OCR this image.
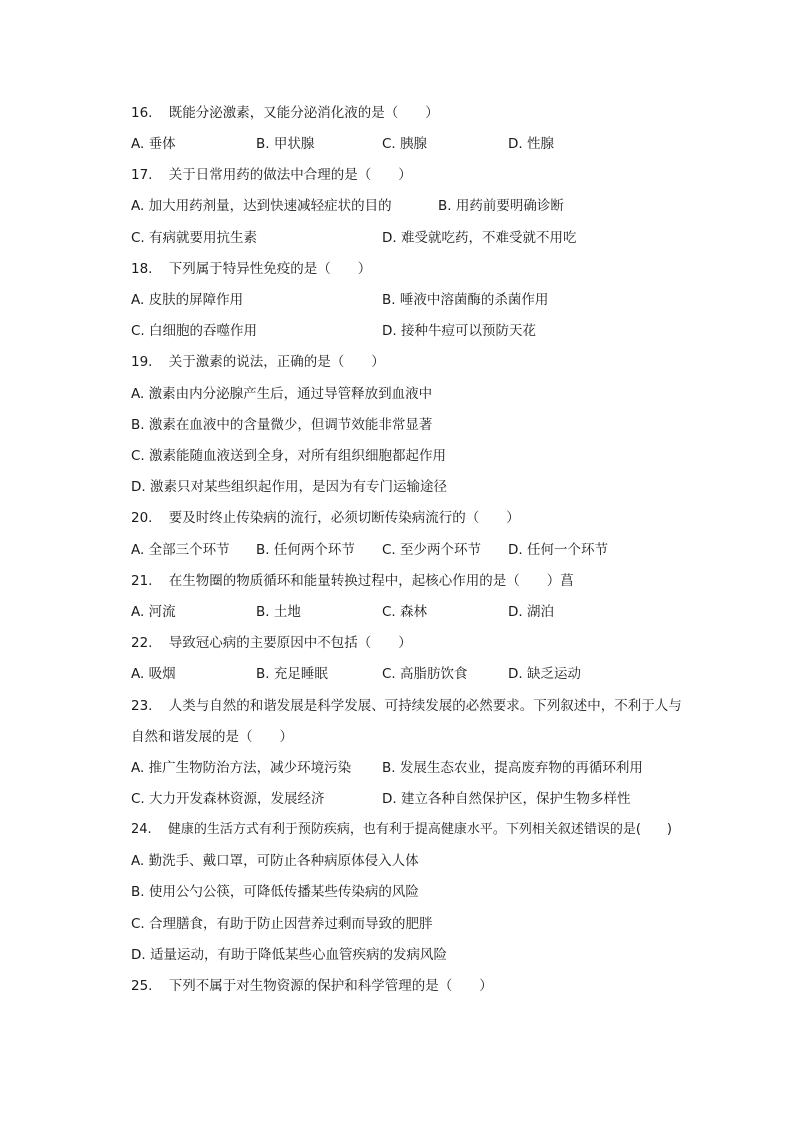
16. 既能分泌激素，又能分泌消化液的是（　　）
A. 垂体	B. 甲状腺	C. 胰腺	D. 性腺
17. 关于日常用药的做法中合理的是（　　）
A. 加大用药剂量，达到快速减轻症状的目的	B. 用药前要明确诊断
C. 有病就要用抗生素	D. 难受就吃药，不难受就不用吃
18. 下列属于特异性免疫的是（　　）
A. 皮肤的屏障作用	B. 唾液中溶菌酶的杀菌作用
C. 白细胞的吞噬作用	D. 接种牛痘可以预防天花
19. 关于激素的说法，正确的是（　　）
A. 激素由内分泌腺产生后，通过导管释放到血液中
B. 激素在血液中的含量微少，但调节效能非常显著
C. 激素能随血液送到全身，对所有组织细胞都起作用
D. 激素只对某些组织起作用，是因为有专门运输途径
20. 要及时终止传染病的流行，必须切断传染病流行的（　　）
A. 全部三个环节 B. 任何两个环节 C. 至少两个环节 D. 任何一个环节
21. 在生物圈的物质循环和能量转换过程中，起核心作用的是（　　）菖
A. 河流	B. 土地	C. 森林	D. 湖泊
22. 导致冠心病的主要原因中不包括（　　）
A. 吸烟	B. 充足睡眠	C. 高脂肪饮食	D. 缺乏运动
23. 人类与自然的和谐发展是科学发展、可持续发展的必然要求。下列叙述中，不利于人与
自然和谐发展的是（　　）
A. 推广生物防治方法，减少环境污染 B. 发展生态农业，提高废弃物的再循环利用
C. 大力开发森林资源，发展经济	D. 建立各种自然保护区，保护生物多样性
24. 健康的生活方式有利于预防疾病，也有利于提高健康水平。下列相关叙述错误的是(　　)
A. 勤洗手、戴口罩，可防止各种病原体侵入人体
B. 使用公勺公筷，可降低传播某些传染病的风险
C. 合理膳食，有助于防止因营养过剩而导致的肥胖
D. 适量运动，有助于降低某些心血管疾病的发病风险
25. 下列不属于对生物资源的保护和科学管理的是（　　）
